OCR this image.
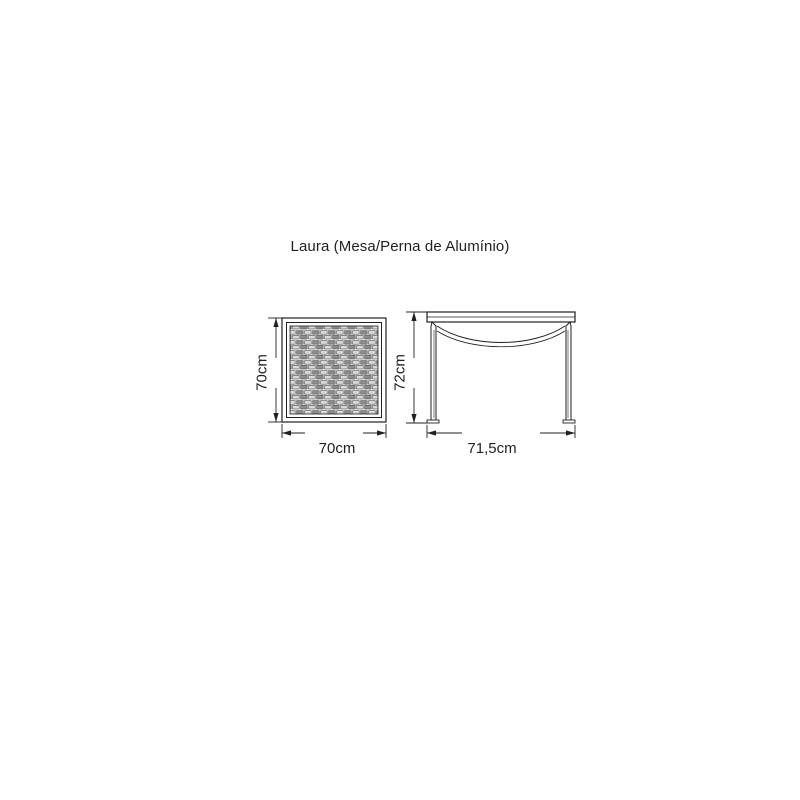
Laura (Mesa/Perna de Alumínio)
70cm
70cm
71,5cm
72cm
